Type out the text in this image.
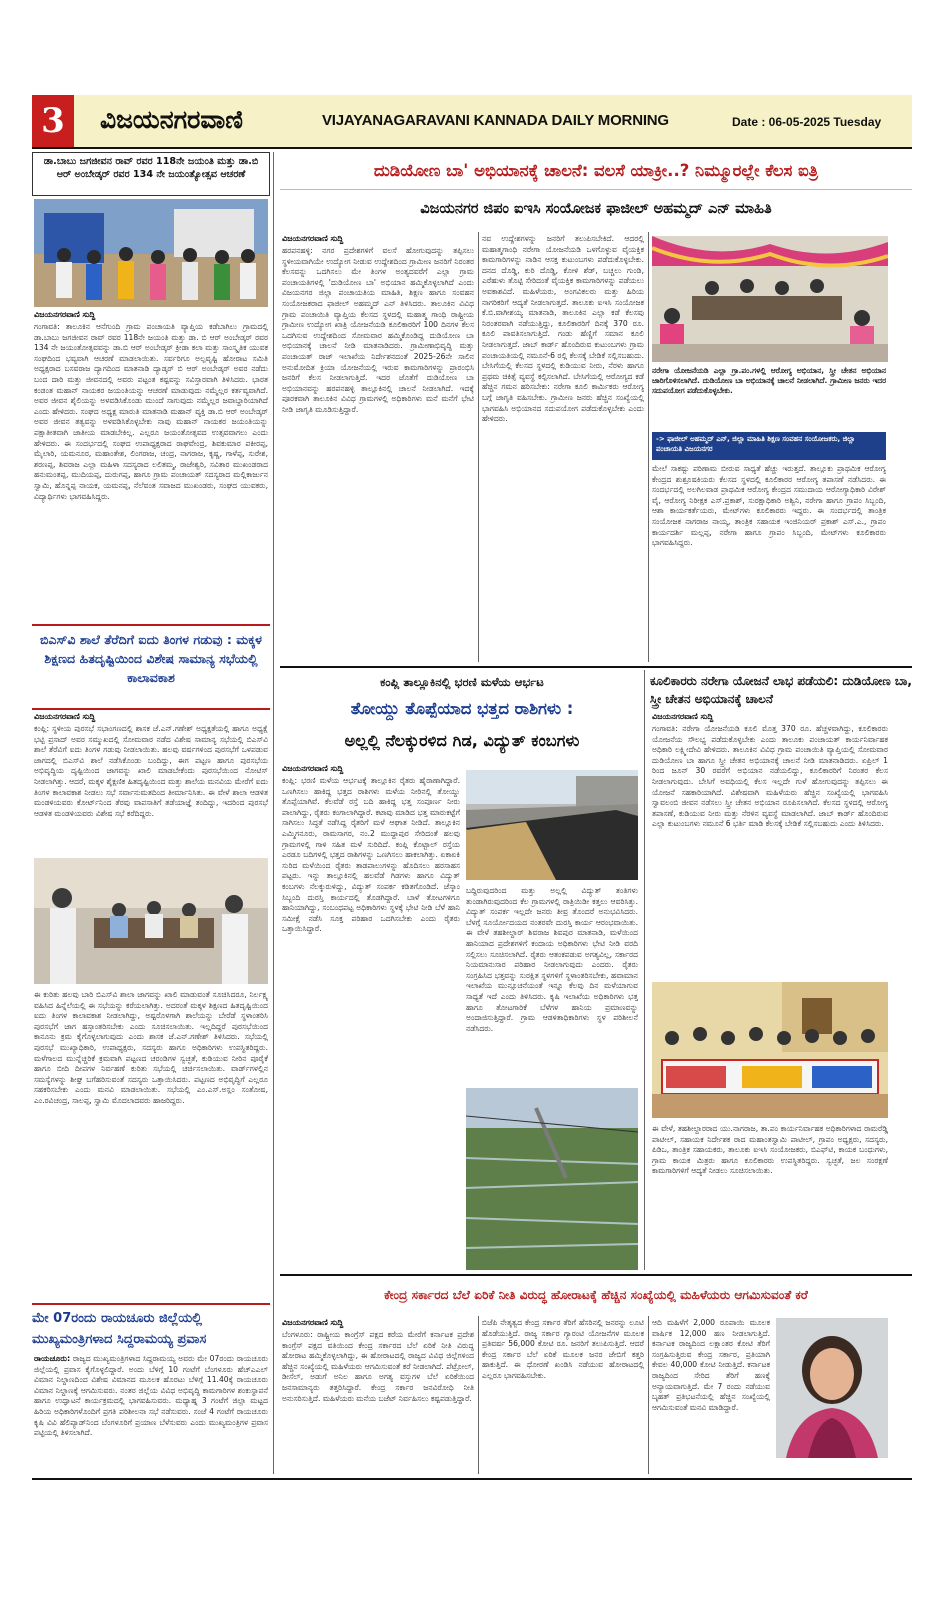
3	ವಿಜಯನಗರವಾಣಿ	VIJAYANAGARAVANI KANNADA DAILY MORNING	Date : 06-05-2025 Tuesday
ಡಾ.ಬಾಬು ಜಗಜೀವನ ರಾವ್ ರವರ 118ನೇ ಜಯಂತಿ ಮತ್ತು ಡಾ.ಬಿ ಆರ್ ಅಂಬೇಡ್ಕರ್ ರವರ 134 ನೇ ಜಯಂತ್ಯೋತ್ಸವ ಆಚರಣೆ
ವಿಜಯನಗರವಾಣಿ ಸುದ್ದಿ
ಗಂಗಾವತಿ: ತಾಲೂಕಿನ ಆನೆಗುಂದಿ ಗ್ರಾಮ ಪಂಚಾಯತಿ ವ್ಯಾಪ್ತಿಯ ಕಡೆಬಾಗಿಲು ಗ್ರಾಮದಲ್ಲಿ ಡಾ.ಬಾಬು ಜಗಜೀವನ ರಾವ್ ರವರ 118ನೇ ಜಯಂತಿ ಮತ್ತು ಡಾ. ಬಿ ಆರ್ ಅಂಬೇಡ್ಕರ್ ರವರ 134 ನೇ ಜಯಂತೋತ್ಸವವನ್ನು ಡಾ.ಬಿ ಆರ್ ಅಂಬೇಡ್ಕರ್ ಕ್ರೀಡಾ ಕಲಾ ಮತ್ತು ಸಾಂಸ್ಕೃತಿಕ ಯುವಕ ಸಂಘದಿಂದ ಭವ್ಯವಾಗಿ ಆಚರಣೆ ಮಾಡಲಾಯಿತು. ಸರ್ವರಿಗೂ ಅಲ್ಪವೃಷ್ಟಿ ಹೋರಾಟ ಸಮಿತಿ ಅಧ್ಯಕ್ಷರಾದ ಬಸವರಾಜ ದ್ಯಾಗದಿಂದ ಮಾತನಾಡಿ ದ್ಯಾಡ್ಕರ್ ಬಿ ಆರ್ ಅಂಬೇಡ್ಕರ್ ಅವರ ನಡೆದು ಬಂದ ದಾರಿ ಮತ್ತು ಜೀವನದಲ್ಲಿ ಅವರು ಪಟ್ಟಂತ ಕಷ್ಟವನ್ನು ಸವಿಸ್ತಾರವಾಗಿ ತಿಳಿಸಿದರು. ಭಾರತ ಕಂಡಂತ ಮಹಾನ್ ನಾಯಕರ ಜಯಂತಿಯನ್ನು ಆಚರಣೆ ಮಾಡುವುದು ನಮ್ಮೆಲ್ಲರ ಕರ್ತವ್ಯವಾಗಿದೆ. ಅವರ ಜೀವನ ಶೈಲಿಯನ್ನು ಅಳವಡಿಸಿಕೊಂಡು ಮುಂದೆ ಸಾಗುವುದು ನಮ್ಮೆಲ್ಲರ ಜವಾಬ್ದಾರಿಯಾಗಿದೆ ಎಂದು ಹೇಳಿದರು. ಸಂಘದ ಅಧ್ಯಕ್ಷ ಮಾರುತಿ ಮಾತನಾಡಿ ಮಹಾನ್ ವ್ಯಕ್ತಿ ಡಾ.ಬಿ ಆರ್ ಅಂಬೇಡ್ಕರ್ ಅವರ ಜೀವನ ತತ್ವವನ್ನು ಅಳವಡಿಸಿಕೊಳ್ಳಬೇಕು ನಾವು ಮಹಾನ್ ನಾಯಕರ ಜಯಂತಿಯನ್ನು ಪಕ್ಷಾತೀತವಾಗಿ ಜಾತೀಯ ಮಾಡಬೇಕಿಲ್ಲ. ಎಲ್ಲರೂ ಜಯಂತೋತ್ಸವದ ಉತ್ಸವವಾಗಲು ಎಂದು ಹೇಳಿದರು. ಈ ಸಂದರ್ಭದಲ್ಲಿ ಸಂಘದ ಉಪಾಧ್ಯಕ್ಷರಾದ ರಾಘವೇಂದ್ರ, ಶಿವಕುಮಾರ ಪಕೀರಪ್ಪ, ಮೈಲಾರಿ, ಯಮನೂರ, ಮಹಾಂತೇಶ, ಲಿಂಗರಾಜ, ಚಂದ್ರ, ನಾಗರಾಜ, ಕೃಷ್ಣ, ಗಾಳೆಪ್ಪ, ಸುರೇಶ, ಶರಣಪ್ಪ, ಶಿವರಾಜ ಎಲ್ಲಾ ಮಹಿಳಾ ಸದಸ್ಯರಾದ ಲಲಿತಮ್ಮ, ರಾಜೇಶ್ವರಿ, ಸವಿತಾರ ಮುಖಂಡರಾದ ಹನುಮಂತಪ್ಪ, ಮುದಿಯಪ್ಪ, ದುರುಗಪ್ಪ, ಹಾಗೂ ಗ್ರಾಮ ಪಂಚಾಯತ್ ಸದಸ್ಯರಾದ ಮಲ್ಲಿಕಾರ್ಜುನ ಸ್ವಾಮಿ, ಹೊನ್ನಪ್ಪ ನಾಯಕ, ಯಮನಪ್ಪ, ನೆಲೆವಂತ ಸವಾಜದ ಮುಖಂಡರು, ಸಂಘದ ಯುವಕರು, ವಿದ್ಯಾರ್ಥಿಗಳು ಭಾಗವಹಿಸಿದ್ದರು.
ಬಿಎಸ್‌ವಿ ಶಾಲೆ ತೆರೆದಿಗೆ ಐದು ತಿಂಗಳ ಗಡುವು : ಮಕ್ಕಳ ಶಿಕ್ಷಣದ ಹಿತದೃಷ್ಟಿಯಿಂದ ವಿಶೇಷ ಸಾಮಾನ್ಯ ಸಭೆಯಲ್ಲಿ ಕಾಲಾವಕಾಶ
ವಿಜಯನಗರವಾಣಿ ಸುದ್ದಿ
ಕಂಪ್ಲಿ: ಸ್ಥಳೀಯ ಪುರಸಭೆ ಸಭಾಂಗಣದಲ್ಲಿ ಶಾಸಕ ಜೆ.ಎನ್.ಗಣೇಶ್ ಅಧ್ಯಕ್ಷತೆಯಲ್ಲಿ ಹಾಗೂ ಅಧ್ಯಕ್ಷೆ ಭಟ್ಟಿ ಪ್ರಸಾದ್ ಅವರ ಸಮ್ಮುಖದಲ್ಲಿ ಸೋಮವಾರ ನಡೆದ ವಿಶೇಷ ಸಾಮಾನ್ಯ ಸಭೆಯಲ್ಲಿ ಬಿಎಸ್‌ವಿ ಶಾಲೆ ತೆರೆವಿಗೆ ಐದು ತಿಂಗಳ ಗಡುವು ನೀಡಲಾಯಿತು. ಹಲವು ವರ್ಷಗಳಿಂದ ಪುರಸಭೆಗೆ ಒಳಪಡುವ ಜಾಗದಲ್ಲಿ ಬಿಎಸ್‌ವಿ ಶಾಲೆ ನಡೆಸಿಕೊಂಡು ಬಂದಿದ್ದು, ಈಗ ಪಟ್ಟಣ ಹಾಗೂ ಪುರಸಭೆಯ ಅಭಿವೃದ್ಧಿಯ ದೃಷ್ಟಿಯಿಂದ ಜಾಗವನ್ನು ಖಾಲಿ ಮಾಡಬೇಕೆಂದು ಪುರಸಭೆಯಿಂದ ನೋಟಿಸ್ ನೀಡಲಾಗಿತ್ತು. ಆದರೆ, ಮಕ್ಕಳ ಶೈಕ್ಷಣಿಕ ಹಿತದೃಷ್ಟಿಯಿಂದ ಮತ್ತು ಶಾಲೆಯ ಮನವಿಯ ಮೇರೆಗೆ ಐದು ತಿಂಗಳ ಕಾಲಾವಕಾಶ ನೀಡಲು ಸಭೆ ಸರ್ವಾನುಮತದಿಂದ ತೀರ್ಮಾನಿಸಿತು. ಈ ವೇಳೆ ಶಾಲಾ ಆಡಳಿತ ಮಂಡಳಿಯವರು ಕೋರ್ಟ್‌ನಿಂದ ತೆರವು ವಾಪಸಾತಿಗೆ ತಡೆಯಾಜ್ಞೆ ತಂದಿದ್ದು, ಇದರಿಂದ ಪುರಸಭೆ ಆಡಳಿತ ಮಂಡಳಿಯವರು ವಿಶೇಷ ಸಭೆ ಕರೆದಿದ್ದರು.
ಈ ಕುರಿತು ಹಲವು ಬಾರಿ ಬಿಎಸ್‌ವಿ ಶಾಲಾ ಜಾಗವನ್ನು ಖಾಲಿ ಮಾಡುವಂತೆ ಸೂಚಿಸಿದರೂ, ನಿರ್ಲಕ್ಷ್ಯ ವಹಿಸಿದ ಹಿನ್ನೆಲೆಯಲ್ಲಿ ಈ ಸಭೆಯನ್ನು ಕರೆಯಲಾಗಿತ್ತು. ಅದರಂತೆ ಮಕ್ಕಳ ಶಿಕ್ಷಣದ ಹಿತದೃಷ್ಟಿಯಿಂದ ಐದು ತಿಂಗಳ ಕಾಲಾವಕಾಶ ನೀಡಲಾಗಿದ್ದು, ಅಷ್ಟರೊಳಗಾಗಿ ಶಾಲೆಯನ್ನು ಬೇರೆಡೆ ಸ್ಥಳಾಂತರಿಸಿ ಪುರಸಭೆಗೆ ಜಾಗ ಹಸ್ತಾಂತರಿಸಬೇಕು ಎಂದು ಸೂಚಿಸಲಾಯಿತು. ಇಲ್ಲದಿದ್ದರೆ ಪುರಸಭೆಯಿಂದ ಕಾನೂನು ಕ್ರಮ ಕೈಗೊಳ್ಳಲಾಗುವುದು ಎಂದು ಶಾಸಕ ಜೆ.ಎನ್.ಗಣೇಶ್ ತಿಳಿಸಿದರು. ಸಭೆಯಲ್ಲಿ ಪುರಸಭೆ ಮುಖ್ಯಾಧಿಕಾರಿ, ಉಪಾಧ್ಯಕ್ಷರು, ಸದಸ್ಯರು ಹಾಗೂ ಅಧಿಕಾರಿಗಳು ಉಪಸ್ಥಿತರಿದ್ದರು. ಮಳೆಗಾಲದ ಮುನ್ನೆಚ್ಚರಿಕೆ ಕ್ರಮವಾಗಿ ಪಟ್ಟಣದ ಚರಂಡಿಗಳ ಸ್ವಚ್ಛತೆ, ಕುಡಿಯುವ ನೀರಿನ ಪೂರೈಕೆ ಹಾಗೂ ಬೀದಿ ದೀಪಗಳ ನಿರ್ವಹಣೆ ಕುರಿತು ಸಭೆಯಲ್ಲಿ ಚರ್ಚಿಸಲಾಯಿತು. ವಾರ್ಡ್‌ಗಳಲ್ಲಿನ ಸಮಸ್ಯೆಗಳನ್ನು ಶೀಘ್ರ ಬಗೆಹರಿಸುವಂತೆ ಸದಸ್ಯರು ಒತ್ತಾಯಿಸಿದರು. ಪಟ್ಟಣದ ಅಭಿವೃದ್ಧಿಗೆ ಎಲ್ಲರೂ ಸಹಕರಿಸಬೇಕು ಎಂದು ಮನವಿ ಮಾಡಲಾಯಿತು. ಸಭೆಯಲ್ಲಿ ಎಂ.ಎಸ್.ಅಸ್ಲಂ ಸಂತೋಷ, ಎಂ.ರವಿಚಂದ್ರ, ಸಾಲಪ್ಪ, ಸ್ವಾಮಿ ಮೊದಲಾದವರು ಹಾಜರಿದ್ದರು.
ಮೇ 07ರಂದು ರಾಯಚೂರು ಜಿಲ್ಲೆಯಲ್ಲಿ ಮುಖ್ಯಮಂತ್ರಿಗಳಾದ ಸಿದ್ದರಾಮಯ್ಯ ಪ್ರವಾಸ
ರಾಯಚೂರು: ರಾಜ್ಯದ ಮುಖ್ಯಮಂತ್ರಿಗಳಾದ ಸಿದ್ದರಾಮಯ್ಯ ಅವರು ಮೇ 07ರಂದು ರಾಯಚೂರು ಜಿಲ್ಲೆಯಲ್ಲಿ ಪ್ರವಾಸ ಕೈಗೊಳ್ಳಲಿದ್ದಾರೆ. ಅಂದು ಬೆಳಿಗ್ಗೆ 10 ಗಂಟೆಗೆ ಬೆಂಗಳೂರು ಹೆಚ್‌ಎಎಲ್ ವಿಮಾನ ನಿಲ್ದಾಣದಿಂದ ವಿಶೇಷ ವಿಮಾನದ ಮೂಲಕ ಹೊರಟು ಬೆಳಿಗ್ಗೆ 11.40ಕ್ಕೆ ರಾಯಚೂರು ವಿಮಾನ ನಿಲ್ದಾಣಕ್ಕೆ ಆಗಮಿಸುವರು. ನಂತರ ಜಿಲ್ಲೆಯ ವಿವಿಧ ಅಭಿವೃದ್ಧಿ ಕಾಮಗಾರಿಗಳ ಶಂಕುಸ್ಥಾಪನೆ ಹಾಗೂ ಉದ್ಘಾಟನೆ ಕಾರ್ಯಕ್ರಮದಲ್ಲಿ ಭಾಗವಹಿಸುವರು. ಮಧ್ಯಾಹ್ನ 3 ಗಂಟೆಗೆ ಜಿಲ್ಲಾ ಮಟ್ಟದ ಹಿರಿಯ ಅಧಿಕಾರಿಗಳೊಂದಿಗೆ ಪ್ರಗತಿ ಪರಿಶೀಲನಾ ಸಭೆ ನಡೆಸುವರು. ಸಂಜೆ 4 ಗಂಟೆಗೆ ರಾಯಚೂರು ಕೃಷಿ ವಿವಿ ಹೆಲಿಪ್ಯಾಡ್‌ನಿಂದ ಬೆಂಗಳೂರಿಗೆ ಪ್ರಯಾಣ ಬೆಳೆಸುವರು ಎಂದು ಮುಖ್ಯಮಂತ್ರಿಗಳ ಪ್ರವಾಸ ಪಟ್ಟಿಯಲ್ಲಿ ತಿಳಿಸಲಾಗಿದೆ.
ದುಡಿಯೋಣ ಬಾ' ಅಭಿಯಾನಕ್ಕೆ ಚಾಲನೆ: ವಲಸೆ ಯಾಕ್ರೀ..? ನಿಮ್ಮೂರಲ್ಲೇ ಕೆಲಸ ಐತ್ರಿ
ವಿಜಯನಗರ ಜಿಪಂ ಐಇಸಿ ಸಂಯೋಜಕ ಫಾಜೀಲ್ ಅಹಮ್ಮದ್ ಎನ್ ಮಾಹಿತಿ
ವಿಜಯನಗರವಾಣಿ ಸುದ್ದಿ
ಹರಪನಹಳ್ಳಿ: ನಗರ ಪ್ರದೇಶಗಳಿಗೆ ವಲಸೆ ಹೋಗುವುದನ್ನು ತಪ್ಪಿಸಲು ಸ್ಥಳೀಯವಾಗಿಯೇ ಉದ್ಯೋಗ ನೀಡುವ ಉದ್ದೇಶದಿಂದ ಗ್ರಾಮೀಣ ಜನರಿಗೆ ನಿರಂತರ ಕೆಲಸವನ್ನು ಒದಗಿಸಲು ಮೇ ತಿಂಗಳ ಅಂತ್ಯದವರೆಗೆ ಎಲ್ಲಾ ಗ್ರಾಮ ಪಂಚಾಯತಿಗಳಲ್ಲಿ 'ದುಡಿಯೋಣ ಬಾ' ಅಭಿಯಾನ ಹಮ್ಮಿಕೊಳ್ಳಲಾಗಿದೆ ಎಂದು ವಿಜಯನಗರ ಜಿಲ್ಲಾ ಪಂಚಾಯತಿಯ ಮಾಹಿತಿ, ಶಿಕ್ಷಣ ಹಾಗೂ ಸಂವಹನ ಸಂಯೋಜಕರಾದ ಫಾಜೀಲ್ ಅಹಮ್ಮದ್ ಎನ್ ತಿಳಿಸಿದರು. ತಾಲೂಕಿನ ವಿವಿಧ ಗ್ರಾಮ ಪಂಚಾಯಿತಿ ವ್ಯಾಪ್ತಿಯ ಕೆಲಸದ ಸ್ಥಳದಲ್ಲಿ ಮಹಾತ್ಮ ಗಾಂಧಿ ರಾಷ್ಟ್ರೀಯ ಗ್ರಾಮೀಣ ಉದ್ಯೋಗ ಖಾತ್ರಿ ಯೋಜನೆಯಡಿ ಕೂಲಿಕಾರರಿಗೆ 100 ದಿನಗಳ ಕೆಲಸ ಒದಗಿಸುವ ಉದ್ದೇಶದಿಂದ ಸೋಮವಾರ ಹಮ್ಮಿಕೊಂಡಿದ್ದ ದುಡಿಯೋಣ ಬಾ ಅಭಿಯಾನಕ್ಕೆ ಚಾಲನೆ ನೀಡಿ ಮಾತನಾಡಿದರು. ಗ್ರಾಮೀಣಾಭಿವೃದ್ಧಿ ಮತ್ತು ಪಂಚಾಯತ್ ರಾಜ್ ಇಲಾಖೆಯ ನಿರ್ದೇಶನದಂತೆ 2025-26ನೇ ಸಾಲಿನ ಅನುಮೋದಿತ ಕ್ರಿಯಾ ಯೋಜನೆಯಲ್ಲಿ ಇರುವ ಕಾಮಗಾರಿಗಳನ್ನು ಪ್ರಾರಂಭಿಸಿ ಜನರಿಗೆ ಕೆಲಸ ನೀಡಲಾಗುತ್ತಿದೆ. ಇದರ ಜೊತೆಗೆ ದುಡಿಯೋಣ ಬಾ ಅಭಿಯಾನವನ್ನು ಹರಪನಹಳ್ಳಿ ತಾಲ್ಲೂಕಿನಲ್ಲಿ ಚಾಲನೆ ನೀಡಲಾಗಿದೆ. ಇದಕ್ಕೆ ಪೂರಕವಾಗಿ ತಾಲೂಕಿನ ವಿವಿಧ ಗ್ರಾಮಗಳಲ್ಲಿ ಅಧಿಕಾರಿಗಳು ಮನೆ ಮನೆಗೆ ಭೇಟಿ ನೀಡಿ ಜಾಗೃತಿ ಮೂಡಿಸುತ್ತಿದ್ದಾರೆ.
ನವ ಉದ್ದೇಶಗಳನ್ನು ಜನರಿಗೆ ತಲುಪಿಸಬೇಕಿದೆ. ಆದರಲ್ಲಿ ಮಹಾತ್ಮಗಾಂಧಿ ನರೇಗಾ ಯೋಜನೆಯಡಿ ಒಳಗೊಳ್ಳುವ ವೈಯಕ್ತಿಕ ಕಾಮಗಾರಿಗಳನ್ನು ನಾಡಿನ ಆಸಕ್ತ ಕುಟುಂಬಗಳು ಪಡೆದುಕೊಳ್ಳಬೇಕು. ದನದ ದೊಡ್ಡಿ, ಕುರಿ ದೊಡ್ಡಿ, ಕೋಳಿ ಶೆಡ್, ಬಚ್ಚಲು ಗುಂಡಿ, ಎರೆಹುಳು ತೊಟ್ಟಿ ಸೇರಿದಂತೆ ವೈಯಕ್ತಿಕ ಕಾಮಗಾರಿಗಳನ್ನು ಪಡೆಯಲು ಅವಕಾಶವಿದೆ. ಮಹಿಳೆಯರು, ಅಂಗವಿಕಲರು ಮತ್ತು ಹಿರಿಯ ನಾಗರಿಕರಿಗೆ ಆದ್ಯತೆ ನೀಡಲಾಗುತ್ತದೆ. ತಾಲೂಕು ಐಇಸಿ ಸಂಯೋಜಕ ಕೆ.ಬಿ.ವಾಗೀಶಯ್ಯ ಮಾತನಾಡಿ, ತಾಲೂಕಿನ ಎಲ್ಲಾ ಕಡೆ ಕೆಲಸವು ನಿರಂತರವಾಗಿ ನಡೆಯುತ್ತಿದ್ದು, ಕೂಲಿಕಾರರಿಗೆ ದಿನಕ್ಕೆ 370 ರೂ. ಕೂಲಿ ಪಾವತಿಸಲಾಗುತ್ತಿದೆ. ಗಂಡು ಹೆಣ್ಣಿಗೆ ಸಮಾನ ಕೂಲಿ ನೀಡಲಾಗುತ್ತದೆ. ಜಾಬ್ ಕಾರ್ಡ್ ಹೊಂದಿರುವ ಕುಟುಂಬಗಳು ಗ್ರಾಮ ಪಂಚಾಯತಿಯಲ್ಲಿ ನಮೂನೆ-6 ರಲ್ಲಿ ಕೆಲಸಕ್ಕೆ ಬೇಡಿಕೆ ಸಲ್ಲಿಸಬಹುದು. ಬೇಸಿಗೆಯಲ್ಲಿ ಕೆಲಸದ ಸ್ಥಳದಲ್ಲಿ ಕುಡಿಯುವ ನೀರು, ನೆರಳು ಹಾಗೂ ಪ್ರಥಮ ಚಿಕಿತ್ಸೆ ವ್ಯವಸ್ಥೆ ಕಲ್ಪಿಸಲಾಗಿದೆ. ಬೇಸಿಗೆಯಲ್ಲಿ ಆರೋಗ್ಯದ ಕಡೆ ಹೆಚ್ಚಿನ ಗಮನ ಹರಿಸಬೇಕು: ನರೇಗಾ ಕೂಲಿ ಕಾರ್ಮಿಕರು ಆರೋಗ್ಯ ಬಗ್ಗೆ ಜಾಗೃತಿ ವಹಿಸಬೇಕು. ಗ್ರಾಮೀಣ ಜನರು ಹೆಚ್ಚಿನ ಸಂಖ್ಯೆಯಲ್ಲಿ ಭಾಗವಹಿಸಿ ಅಭಿಯಾನದ ಸದುಪಯೋಗ ಪಡೆದುಕೊಳ್ಳಬೇಕು ಎಂದು ಹೇಳಿದರು.
ನರೇಗಾ ಯೋಜನೆಯಡಿ ಎಲ್ಲಾ ಗ್ರಾ.ಪಂ.ಗಳಲ್ಲಿ ಆರೋಗ್ಯ ಅಭಿಯಾನ, ಸ್ತ್ರೀ ಚೇತನ ಅಭಿಯಾನ ಜಾರಿಗೊಳಿಸಲಾಗಿದೆ. ದುಡಿಯೋಣ ಬಾ ಅಭಿಯಾನಕ್ಕೆ ಚಾಲನೆ ನೀಡಲಾಗಿದೆ. ಗ್ರಾಮೀಣ ಜನರು ಇದರ ಸದುಪಯೋಗ ಪಡೆದುಕೊಳ್ಳಬೇಕು.
-> ಫಾಜೀಲ್ ಅಹಮ್ಮದ್ ಎನ್, ಜಿಲ್ಲಾ ಮಾಹಿತಿ ಶಿಕ್ಷಣ ಸಂವಹನ ಸಂಯೋಜಕರು, ಜಿಲ್ಲಾ ಪಂಚಾಯತಿ ವಿಜಯನಗರ
ಮೇಲೆ ಸಾಕಷ್ಟು ಪರಿಣಾಮ ಬೀರುವ ಸಾಧ್ಯತೆ ಹೆಚ್ಚು ಇರುತ್ತದೆ. ತಾಲ್ಲೂಕು ಪ್ರಾಥಮಿಕ ಆರೋಗ್ಯ ಕೇಂದ್ರದ ಶುಶ್ರೂಷಕಿಯರು ಕೆಲಸದ ಸ್ಥಳದಲ್ಲಿ ಕೂಲಿಕಾರರ ಆರೋಗ್ಯ ತಪಾಸಣೆ ನಡೆಸಿದರು. ಈ ಸಂದರ್ಭದಲ್ಲಿ ಅಲಗಿಲವಾಡ ಪ್ರಾಥಮಿಕ ಆರೋಗ್ಯ ಕೇಂದ್ರದ ಸಮುದಾಯ ಆರೋಗ್ಯಾಧಿಕಾರಿ ವಿರೇಶ್ ವೈ, ಆರೋಗ್ಯ ನಿರೀಕ್ಷಕ ಎಸ್.ಪ್ರಕಾಶ್, ಸುರಕ್ಷಾಧಿಕಾರಿ ಅಶ್ವಿನಿ, ನರೇಗಾ ಹಾಗೂ ಗ್ರಾಪಂ ಸಿಬ್ಬಂದಿ, ಆಶಾ ಕಾರ್ಯಕರ್ತೆಯರು, ಮೇಟ್‌ಗಳು ಕೂಲಿಕಾರರು ಇದ್ದರು. ಈ ಸಂದರ್ಭದಲ್ಲಿ ತಾಂತ್ರಿಕ ಸಂಯೋಜಕ ನಾಗರಾಜ ನಾಯ್ಕ, ತಾಂತ್ರಿಕ ಸಹಾಯಕ ಇಂಜಿನಿಯರ್ ಪ್ರಕಾಶ್ ಎಸ್.ಎ., ಗ್ರಾಪಂ ಕಾರ್ಯದರ್ಶಿ ಮಲ್ಲಪ್ಪ, ನರೇಗಾ ಹಾಗೂ ಗ್ರಾಪಂ ಸಿಬ್ಬಂದಿ, ಮೇಟ್‌ಗಳು ಕೂಲಿಕಾರರು ಭಾಗವಹಿಸಿದ್ದರು.
ಕಂಪ್ಲಿ ತಾಲ್ಲೂಕಿನಲ್ಲಿ ಭರಣಿ ಮಳೆಯ ಆರ್ಭಟ
ತೋಯ್ದು ತೊಪ್ಪೆಯಾದ ಭತ್ತದ ರಾಶಿಗಳು :
ಅಲ್ಲಲ್ಲಿ ನೆಲಕ್ಕುರಳಿದ ಗಿಡ, ವಿದ್ಯುತ್ ಕಂಬಗಳು
ವಿಜಯನಗರವಾಣಿ ಸುದ್ದಿ
ಕಂಪ್ಲಿ: ಭರಣಿ ಮಳೆಯ ಆರ್ಭಟಕ್ಕೆ ತಾಲ್ಲೂಕಿನ ರೈತರು ಹೈರಾಣಾಗಿದ್ದಾರೆ. ಒಣಗಿಸಲು ಹಾಕಿದ್ದ ಭತ್ತದ ರಾಶಿಗಳು ಮಳೆಯ ನೀರಿನಲ್ಲಿ ತೋಯ್ದು ತೊಪ್ಪೆಯಾಗಿವೆ. ಕೆಲವೆಡೆ ರಸ್ತೆ ಬದಿ ಹಾಕಿದ್ದ ಭತ್ತ ಸಂಪೂರ್ಣ ನೀರು ಪಾಲಾಗಿದ್ದು, ರೈತರು ಕಂಗಾಲಾಗಿದ್ದಾರೆ. ಕಟಾವು ಮಾಡಿದ ಭತ್ತ ಮಾರುಕಟ್ಟೆಗೆ ಸಾಗಿಸಲು ಸಿದ್ಧತೆ ನಡೆಸಿದ್ದ ರೈತರಿಗೆ ಮಳೆ ಆಘಾತ ನೀಡಿದೆ. ತಾಲ್ಲೂಕಿನ ಎಮ್ಮಿಗನೂರು, ರಾಮಸಾಗರ, ನಂ.2 ಮುದ್ದಾಪುರ ಸೇರಿದಂತೆ ಹಲವು ಗ್ರಾಮಗಳಲ್ಲಿ ಗಾಳಿ ಸಹಿತ ಮಳೆ ಸುರಿದಿದೆ. ಕಂಪ್ಲಿ ಕೊಟ್ಟಾಲ್ ರಸ್ತೆಯ ಎರಡೂ ಬದಿಗಳಲ್ಲಿ ಭತ್ತದ ರಾಶಿಗಳನ್ನು ಒಣಗಿಸಲು ಹಾಕಲಾಗಿತ್ತು. ಏಕಾಏಕಿ ಸುರಿದ ಮಳೆಯಿಂದ ರೈತರು ತಾಡಪಾಲುಗಳನ್ನು ಹೊದಿಸಲು ಹರಸಾಹಸ ಪಟ್ಟರು. ಇನ್ನು ತಾಲ್ಲೂಕಿನಲ್ಲಿ ಹಲವೆಡೆ ಗಿಡಗಳು ಹಾಗೂ ವಿದ್ಯುತ್ ಕಂಬಗಳು ನೆಲಕ್ಕುರುಳಿದ್ದು, ವಿದ್ಯುತ್ ಸಂಪರ್ಕ ಕಡಿತಗೊಂಡಿದೆ. ಜೆಸ್ಕಾಂ ಸಿಬ್ಬಂದಿ ದುರಸ್ತಿ ಕಾರ್ಯದಲ್ಲಿ ತೊಡಗಿದ್ದಾರೆ. ಬಾಳೆ ತೋಟಗಳಿಗೂ ಹಾನಿಯಾಗಿದ್ದು, ಸಂಬಂಧಪಟ್ಟ ಅಧಿಕಾರಿಗಳು ಸ್ಥಳಕ್ಕೆ ಭೇಟಿ ನೀಡಿ ಬೆಳೆ ಹಾನಿ ಸಮೀಕ್ಷೆ ನಡೆಸಿ ಸೂಕ್ತ ಪರಿಹಾರ ಒದಗಿಸಬೇಕು ಎಂದು ರೈತರು ಒತ್ತಾಯಿಸಿದ್ದಾರೆ.
ಬದ್ದಿರುವುದರಿಂದ ಮತ್ತು ಅಲ್ಲಲ್ಲಿ ವಿದ್ಯುತ್ ತಂತಿಗಳು ತುಂಡಾಗಿರುವುದರಿಂದ ಕೆಲ ಗ್ರಾಮಗಳಲ್ಲಿ ರಾತ್ರಿಯಿಡೀ ಕತ್ತಲು ಆವರಿಸಿತ್ತು. ವಿದ್ಯುತ್ ಸಂಪರ್ಕ ಇಲ್ಲದೇ ಜನರು ತೀವ್ರ ತೊಂದರೆ ಅನುಭವಿಸಿದರು. ಬೆಳಗ್ಗೆ ಸೂರ್ಯೋದಯದ ನಂತರವೇ ದುರಸ್ತಿ ಕಾರ್ಯ ಆರಂಭವಾಯಿತು. ಈ ವೇಳೆ ತಹಶೀಲ್ದಾರ್ ಶಿವರಾಜ ಶಿವಪುರ ಮಾತನಾಡಿ, ಮಳೆಯಿಂದ ಹಾನಿಯಾದ ಪ್ರದೇಶಗಳಿಗೆ ಕಂದಾಯ ಅಧಿಕಾರಿಗಳು ಭೇಟಿ ನೀಡಿ ವರದಿ ಸಲ್ಲಿಸಲು ಸೂಚಿಸಲಾಗಿದೆ. ರೈತರು ಆತಂಕಪಡುವ ಅಗತ್ಯವಿಲ್ಲ, ಸರ್ಕಾರದ ನಿಯಮಾನುಸಾರ ಪರಿಹಾರ ನೀಡಲಾಗುವುದು ಎಂದರು. ರೈತರು ಸಂಗ್ರಹಿಸಿದ ಭತ್ತವನ್ನು ಸುರಕ್ಷಿತ ಸ್ಥಳಗಳಿಗೆ ಸ್ಥಳಾಂತರಿಸಬೇಕು, ಹವಾಮಾನ ಇಲಾಖೆಯ ಮುನ್ಸೂಚನೆಯಂತೆ ಇನ್ನೂ ಕೆಲವು ದಿನ ಮಳೆಯಾಗುವ ಸಾಧ್ಯತೆ ಇದೆ ಎಂದು ತಿಳಿಸಿದರು. ಕೃಷಿ ಇಲಾಖೆಯ ಅಧಿಕಾರಿಗಳು ಭತ್ತ ಹಾಗೂ ತೋಟಗಾರಿಕೆ ಬೆಳೆಗಳ ಹಾನಿಯ ಪ್ರಮಾಣವನ್ನು ಅಂದಾಜಿಸುತ್ತಿದ್ದಾರೆ. ಗ್ರಾಮ ಆಡಳಿತಾಧಿಕಾರಿಗಳು ಸ್ಥಳ ಪರಿಶೀಲನೆ ನಡೆಸಿದರು.
ಕೂಲಿಕಾರರು ನರೇಗಾ ಯೋಜನೆ ಲಾಭ ಪಡೆಯಲಿ: ದುಡಿಯೋಣ ಬಾ, ಸ್ತ್ರೀ ಚೇತನ ಅಭಿಯಾನಕ್ಕೆ ಚಾಲನೆ
ವಿಜಯನಗರವಾಣಿ ಸುದ್ದಿ
ಗಂಗಾವತಿ: ನರೇಗಾ ಯೋಜನೆಯಡಿ ಕೂಲಿ ಮೊತ್ತ 370 ರೂ. ಹೆಚ್ಚಳವಾಗಿದ್ದು, ಕೂಲಿಕಾರರು ಯೋಜನೆಯ ಸೌಲಭ್ಯ ಪಡೆದುಕೊಳ್ಳಬೇಕು ಎಂದು ತಾಲೂಕು ಪಂಚಾಯತ್ ಕಾರ್ಯನಿರ್ವಾಹಕ ಅಧಿಕಾರಿ ಲಕ್ಷ್ಮೀದೇವಿ ಹೇಳಿದರು. ತಾಲೂಕಿನ ವಿವಿಧ ಗ್ರಾಮ ಪಂಚಾಯಿತಿ ವ್ಯಾಪ್ತಿಯಲ್ಲಿ ಸೋಮವಾರ ದುಡಿಯೋಣ ಬಾ ಹಾಗೂ ಸ್ತ್ರೀ ಚೇತನ ಅಭಿಯಾನಕ್ಕೆ ಚಾಲನೆ ನೀಡಿ ಮಾತನಾಡಿದರು. ಏಪ್ರಿಲ್ 1 ರಿಂದ ಜೂನ್ 30 ರವರೆಗೆ ಅಭಿಯಾನ ನಡೆಯಲಿದ್ದು, ಕೂಲಿಕಾರರಿಗೆ ನಿರಂತರ ಕೆಲಸ ನೀಡಲಾಗುವುದು. ಬೇಸಿಗೆ ಅವಧಿಯಲ್ಲಿ ಕೆಲಸ ಇಲ್ಲದೇ ಗುಳೆ ಹೋಗುವುದನ್ನು ತಪ್ಪಿಸಲು ಈ ಯೋಜನೆ ಸಹಕಾರಿಯಾಗಿದೆ. ವಿಶೇಷವಾಗಿ ಮಹಿಳೆಯರು ಹೆಚ್ಚಿನ ಸಂಖ್ಯೆಯಲ್ಲಿ ಭಾಗವಹಿಸಿ ಸ್ವಾವಲಂಬಿ ಜೀವನ ನಡೆಸಲು ಸ್ತ್ರೀ ಚೇತನ ಅಭಿಯಾನ ರೂಪಿಸಲಾಗಿದೆ. ಕೆಲಸದ ಸ್ಥಳದಲ್ಲಿ ಆರೋಗ್ಯ ತಪಾಸಣೆ, ಕುಡಿಯುವ ನೀರು ಮತ್ತು ನೆರಳಿನ ವ್ಯವಸ್ಥೆ ಮಾಡಲಾಗಿದೆ. ಜಾಬ್ ಕಾರ್ಡ್ ಹೊಂದಿರುವ ಎಲ್ಲಾ ಕುಟುಂಬಗಳು ನಮೂನೆ 6 ಭರ್ತಿ ಮಾಡಿ ಕೆಲಸಕ್ಕೆ ಬೇಡಿಕೆ ಸಲ್ಲಿಸಬಹುದು ಎಂದು ತಿಳಿಸಿದರು.
ಈ ವೇಳೆ, ತಹಶೀಲ್ದಾರರಾದ ಯು.ನಾಗರಾಜ, ತಾ.ಪಂ ಕಾರ್ಯನಿರ್ವಾಹಕ ಅಧಿಕಾರಿಗಳಾದ ರಾಮರೆಡ್ಡಿ ಪಾಟೀಲ್, ಸಹಾಯಕ ನಿರ್ದೇಶಕ ರಾದ ಮಹಾಂತಸ್ವಾಮಿ ಪಾಟೀಲ್, ಗ್ರಾಪಂ ಅಧ್ಯಕ್ಷರು, ಸದಸ್ಯರು, ಪಿಡಿಒ, ತಾಂತ್ರಿಕ ಸಹಾಯಕರು, ತಾಲೂಕು ಐಇಸಿ ಸಂಯೋಜಕರು, ಬಿಎಫ್‌ಟಿ, ಕಾಯಕ ಬಂಧುಗಳು, ಗ್ರಾಮ ಕಾಯಕ ಮಿತ್ರರು ಹಾಗೂ ಕೂಲಿಕಾರರು ಉಪಸ್ಥಿತರಿದ್ದರು. ಸ್ವಚ್ಛತೆ, ಜಲ ಸಂರಕ್ಷಣೆ ಕಾಮಗಾರಿಗಳಿಗೆ ಆದ್ಯತೆ ನೀಡಲು ಸೂಚಿಸಲಾಯಿತು.
ಕೇಂದ್ರ ಸರ್ಕಾರದ ಬೆಲೆ ಏರಿಕೆ ನೀತಿ ವಿರುದ್ಧ ಹೋರಾಟಕ್ಕೆ ಹೆಚ್ಚಿನ ಸಂಖ್ಯೆಯಲ್ಲಿ ಮಹಿಳೆಯರು ಆಗಮಿಸುವಂತೆ ಕರೆ
ವಿಜಯನಗರವಾಣಿ ಸುದ್ದಿ
ಬೆಂಗಳೂರು: ರಾಷ್ಟ್ರೀಯ ಕಾಂಗ್ರೆಸ್ ಪಕ್ಷದ ಕರೆಯ ಮೇರೆಗೆ ಕರ್ನಾಟಕ ಪ್ರದೇಶ ಕಾಂಗ್ರೆಸ್ ಪಕ್ಷದ ವತಿಯಿಂದ ಕೇಂದ್ರ ಸರ್ಕಾರದ ಬೆಲೆ ಏರಿಕೆ ನೀತಿ ವಿರುದ್ಧ ಹೋರಾಟ ಹಮ್ಮಿಕೊಳ್ಳಲಾಗಿದ್ದು, ಈ ಹೋರಾಟದಲ್ಲಿ ರಾಜ್ಯದ ವಿವಿಧ ಜಿಲ್ಲೆಗಳಿಂದ ಹೆಚ್ಚಿನ ಸಂಖ್ಯೆಯಲ್ಲಿ ಮಹಿಳೆಯರು ಆಗಮಿಸುವಂತೆ ಕರೆ ನೀಡಲಾಗಿದೆ. ಪೆಟ್ರೋಲ್, ಡೀಸೆಲ್, ಅಡುಗೆ ಅನಿಲ ಹಾಗೂ ಅಗತ್ಯ ವಸ್ತುಗಳ ಬೆಲೆ ಏರಿಕೆಯಿಂದ ಜನಸಾಮಾನ್ಯರು ತತ್ತರಿಸಿದ್ದಾರೆ. ಕೇಂದ್ರ ಸರ್ಕಾರ ಜನವಿರೋಧಿ ನೀತಿ ಅನುಸರಿಸುತ್ತಿದೆ. ಮಹಿಳೆಯರು ಮನೆಯ ಬಜೆಟ್ ನಿರ್ವಹಿಸಲು ಕಷ್ಟಪಡುತ್ತಿದ್ದಾರೆ.
ಬಿಜೆಪಿ ನೇತೃತ್ವದ ಕೇಂದ್ರ ಸರ್ಕಾರ ತೆರಿಗೆ ಹೆಸರಿನಲ್ಲಿ ಜನರನ್ನು ಲೂಟಿ ಹೊಡೆಯುತ್ತಿದೆ. ರಾಜ್ಯ ಸರ್ಕಾರ ಗ್ಯಾರಂಟಿ ಯೋಜನೆಗಳ ಮೂಲಕ ಪ್ರತಿವರ್ಷ 56,000 ಕೋಟಿ ರೂ. ಜನರಿಗೆ ತಲುಪಿಸುತ್ತಿದೆ. ಆದರೆ ಕೇಂದ್ರ ಸರ್ಕಾರ ಬೆಲೆ ಏರಿಕೆ ಮೂಲಕ ಜನರ ಜೇಬಿಗೆ ಕತ್ತರಿ ಹಾಕುತ್ತಿದೆ. ಈ ಧೋರಣೆ ಖಂಡಿಸಿ ನಡೆಯುವ ಹೋರಾಟದಲ್ಲಿ ಎಲ್ಲರೂ ಭಾಗವಹಿಸಬೇಕು.
ಆದಿ ಮಹಿಳೆಗೆ 2,000 ರೂಪಾಯಿ ಮೂಲಕ ವಾರ್ಷಿಕ 12,000 ಹಣ ನೀಡಲಾಗುತ್ತಿದೆ. ಕರ್ನಾಟಕ ರಾಜ್ಯದಿಂದ ಲಕ್ಷಾಂತರ ಕೋಟಿ ತೆರಿಗೆ ಸಂಗ್ರಹಿಸುತ್ತಿರುವ ಕೇಂದ್ರ ಸರ್ಕಾರ, ಪ್ರತಿಯಾಗಿ ಕೇವಲ 40,000 ಕೋಟಿ ನೀಡುತ್ತಿದೆ. ಕರ್ನಾಟಕ ರಾಜ್ಯದಿಂದ ಸೇರಿದ ತೆರಿಗೆ ಹಣಕ್ಕೆ ಅನ್ಯಾಯವಾಗುತ್ತಿದೆ. ಮೇ 7 ರಂದು ನಡೆಯುವ ಬೃಹತ್ ಪ್ರತಿಭಟನೆಯಲ್ಲಿ ಹೆಚ್ಚಿನ ಸಂಖ್ಯೆಯಲ್ಲಿ ಆಗಮಿಸುವಂತೆ ಮನವಿ ಮಾಡಿದ್ದಾರೆ.
